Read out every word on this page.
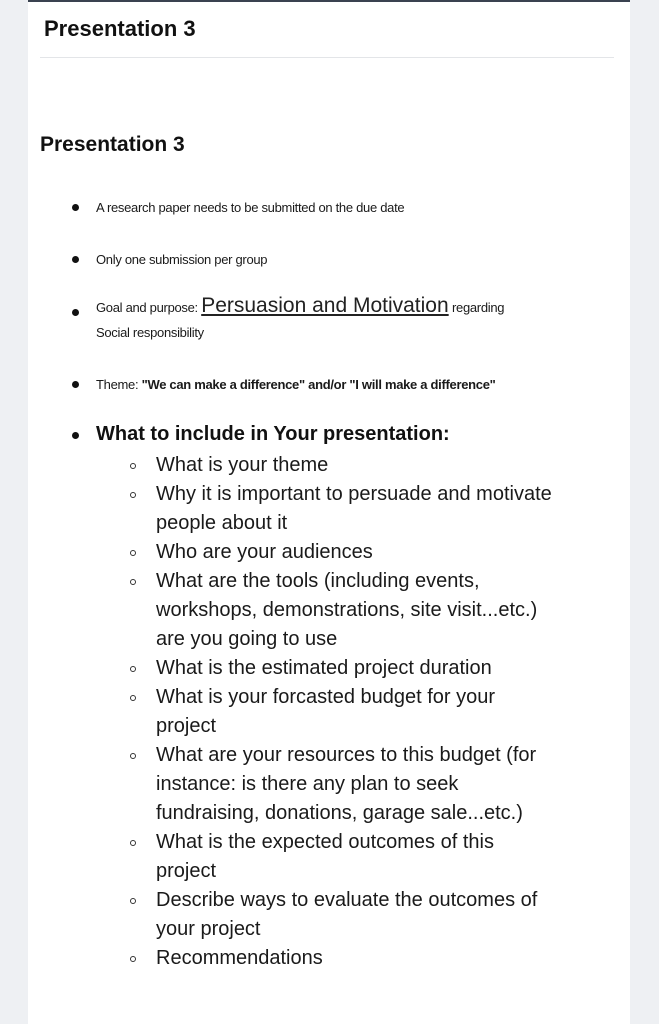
Presentation 3
Presentation 3
A research paper needs to be submitted on the due date
Only one submission per group
Goal and purpose: Persuasion and Motivation regarding
Social responsibility
Theme: "We can make a difference" and/or "I will make a difference"
What to include in Your presentation:
What is your theme
Why it is important to persuade and motivate
people about it
Who are your audiences
What are the tools (including events,
workshops, demonstrations, site visit...etc.)
are you going to use
What is the estimated project duration
What is your forcasted budget for your
project
What are your resources to this budget (for
instance: is there any plan to seek
fundraising, donations, garage sale...etc.)
What is the expected outcomes of this
project
Describe ways to evaluate the outcomes of
your project
Recommendations
